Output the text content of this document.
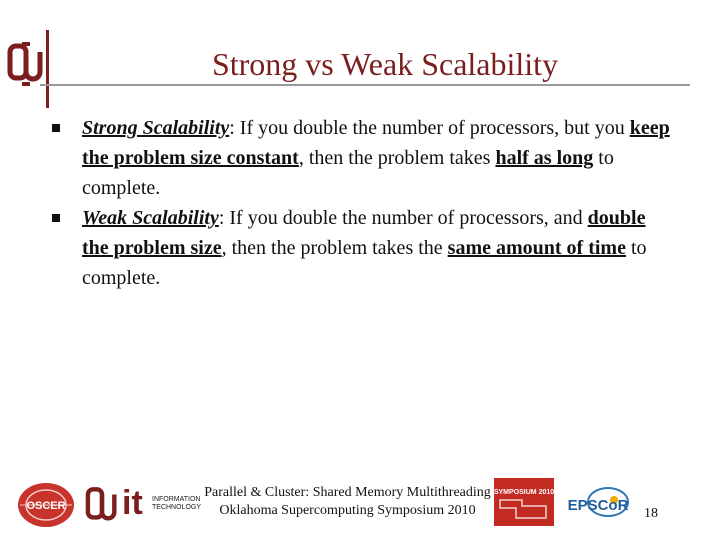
Strong vs Weak Scalability
Strong Scalability: If you double the number of processors, but you keep the problem size constant, then the problem takes half as long to complete.
Weak Scalability: If you double the number of processors, and double the problem size, then the problem takes the same amount of time to complete.
OSCER it INFORMATION TECHNOLOGY
SYMPOSIUM 2010
EPSCoR
Parallel & Cluster: Shared Memory Multithreading
Oklahoma Supercomputing Symposium 2010	18
